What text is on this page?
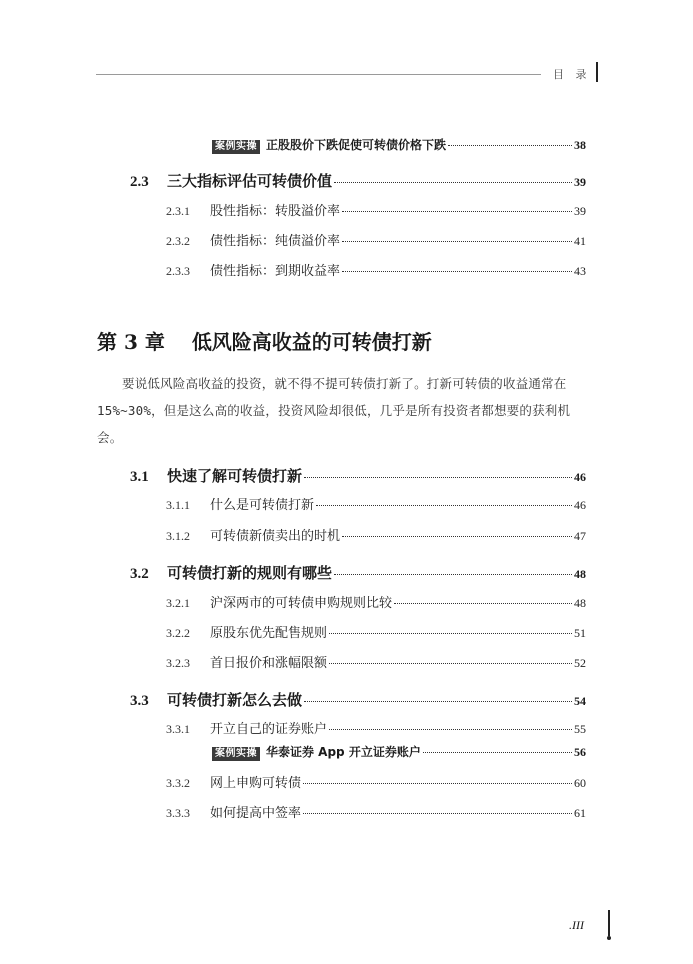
目 录
案例实操 正股股价下跌促使可转债价格下跌	38
2.3	三大指标评估可转债价值	39
2.3.1	股性指标：转股溢价率	39
2.3.2	债性指标：纯债溢价率	41
2.3.3	债性指标：到期收益率	43
第 3 章 低风险高收益的可转债打新
要说低风险高收益的投资，就不得不提可转债打新了。打新可转债的收益通常在 15%~30%，但是这么高的收益，投资风险却很低，几乎是所有投资者都想要的获利机会。
3.1	快速了解可转债打新	46
3.1.1	什么是可转债打新	46
3.1.2	可转债新债卖出的时机	47
3.2	可转债打新的规则有哪些	48
3.2.1	沪深两市的可转债申购规则比较	48
3.2.2	原股东优先配售规则	51
3.2.3	首日报价和涨幅限额	52
3.3	可转债打新怎么去做	54
3.3.1	开立自己的证券账户	55
案例实操 华泰证券 App 开立证券账户	56
3.3.2	网上申购可转债	60
3.3.3	如何提高中签率	61
.III
